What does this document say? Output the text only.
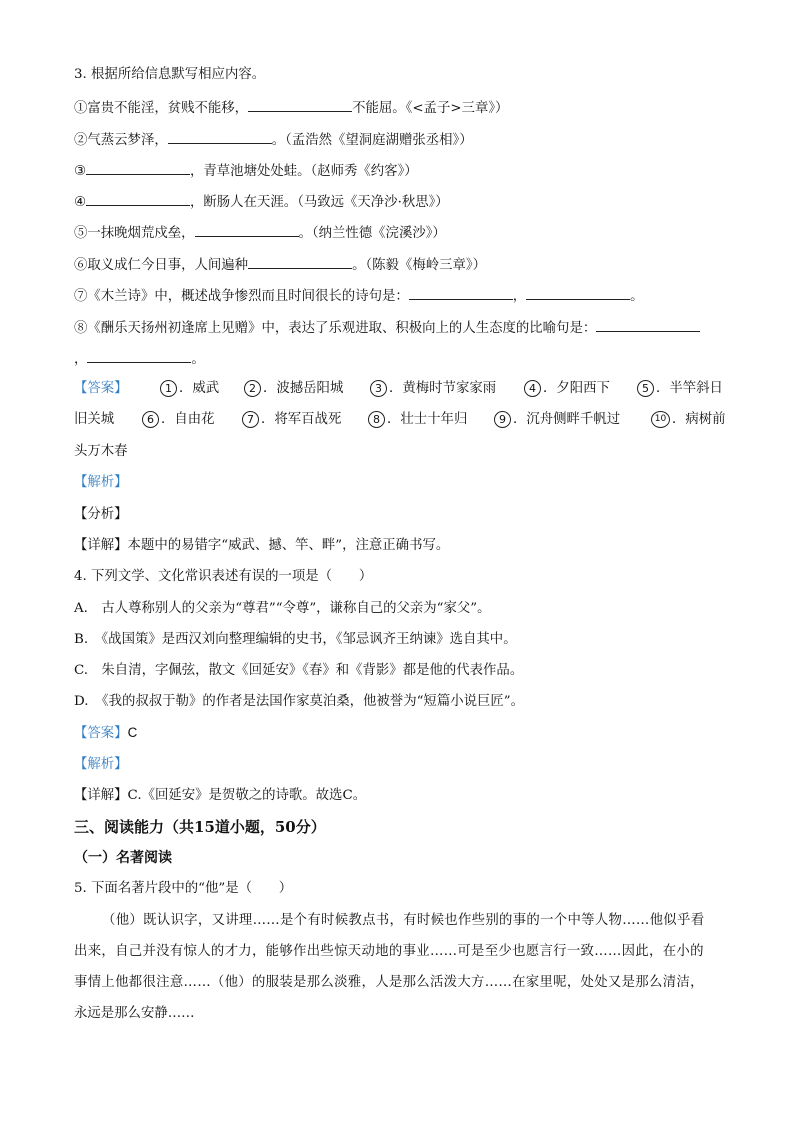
3. 根据所给信息默写相应内容。
①富贵不能淫，贫贱不能移，	不能屈。《<孟子>三章》）
②气蒸云梦泽，	。（孟浩然《望洞庭湖赠张丞相》）
③	，青草池塘处处蛙。（赵师秀《约客》）
④	，断肠人在天涯。（马致远《天净沙·秋思》）
⑤一抹晚烟荒戍垒，	。（纳兰性德《浣溪沙》）
⑥取义成仁今日事，人间遍种	。（陈毅《梅岭三章》）
⑦《木兰诗》中，概述战争惨烈而且时间很长的诗句是：	，	。
⑧《酬乐天扬州初逢席上见赠》中，表达了乐观进取、积极向上的人生态度的比喻句是：
，	。
【答案】	1 ．威武	2 ．波撼岳阳城	3 ．黄梅时节家家雨	4 ．夕阳西下	5 ．半竿斜日
旧关城	6 ．自由花	7 ．将军百战死	8 ．壮士十年归	9 ．沉舟侧畔千帆过	10 ．病树前
头万木春
【解析】
【分析】
【详解】本题中的易错字“威武、撼、竿、畔”，注意正确书写。
4. 下列文学、文化常识表述有误的一项是（　　）
A.　古人尊称别人的父亲为“尊君”“令尊”，谦称自己的父亲为“家父”。
B.　《战国策》是西汉刘向整理编辑的史书，《邹忌讽齐王纳谏》选自其中。
C.　朱自清，字佩弦，散文《回延安》《春》和《背影》都是他的代表作品。
D.　《我的叔叔于勒》的作者是法国作家莫泊桑，他被誉为“短篇小说巨匠”。
【答案】C
【解析】
【详解】C.《回延安》是贺敬之的诗歌。故选C。
三、阅读能力（共15道小题，50分）
（一）名著阅读
5. 下面名著片段中的“他”是（　　）
（他）既认识字，又讲理……是个有时候教点书，有时候也作些别的事的一个中等人物……他似乎看
出来，自己并没有惊人的才力，能够作出些惊天动地的事业……可是至少也愿言行一致……因此，在小的
事情上他都很注意……（他）的服装是那么淡雅，人是那么活泼大方……在家里呢，处处又是那么清洁，
永远是那么安静……
